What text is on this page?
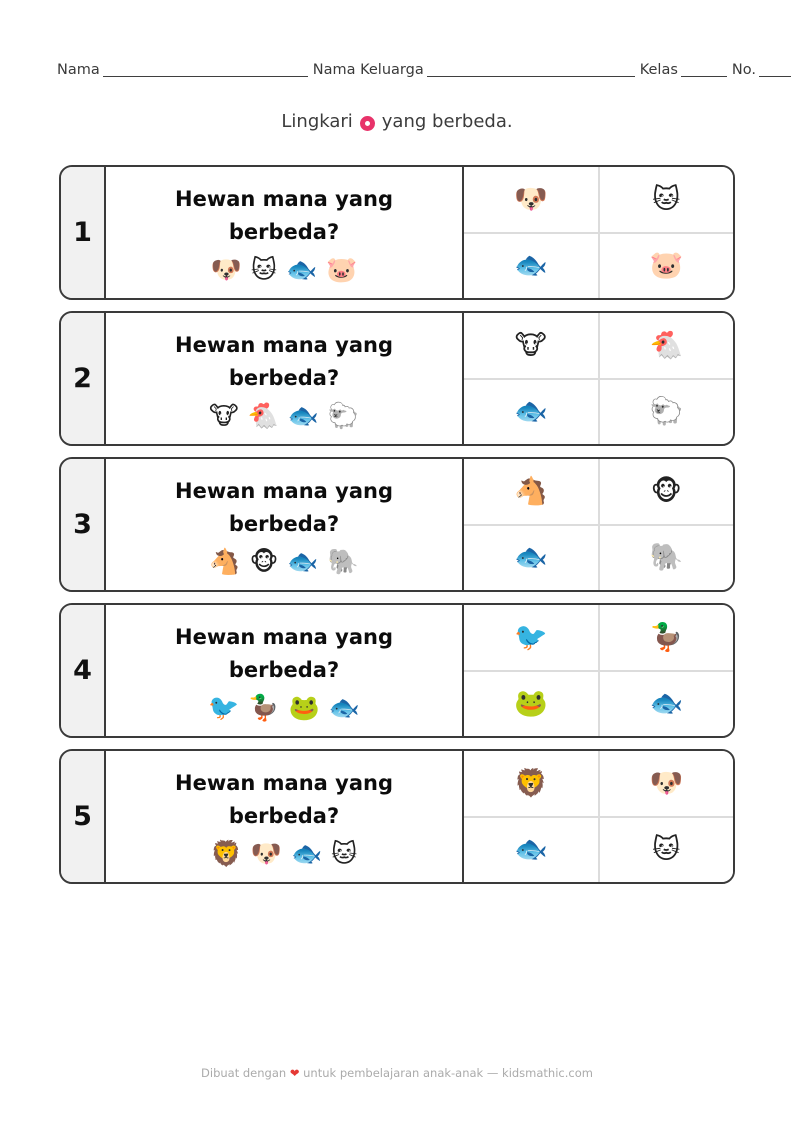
Nama	Nama Keluarga	Kelas	No.
Lingkari yang berbeda.
1
Hewan mana yang berbeda?
🐶 🐱 🐟 🐷
🐶	🐱
🐟	🐷
2
Hewan mana yang berbeda?
🐮 🐔 🐟 🐑
🐮	🐔
🐟	🐑
3
Hewan mana yang berbeda?
🐴 🐵 🐟 🐘
🐴	🐵
🐟	🐘
4
Hewan mana yang berbeda?
🐦 🦆 🐸 🐟
🐦	🦆
🐸	🐟
5
Hewan mana yang berbeda?
🦁 🐶 🐟 🐱
🦁	🐶
🐟	🐱
Dibuat dengan ❤ untuk pembelajaran anak-anak — kidsmathic.com
